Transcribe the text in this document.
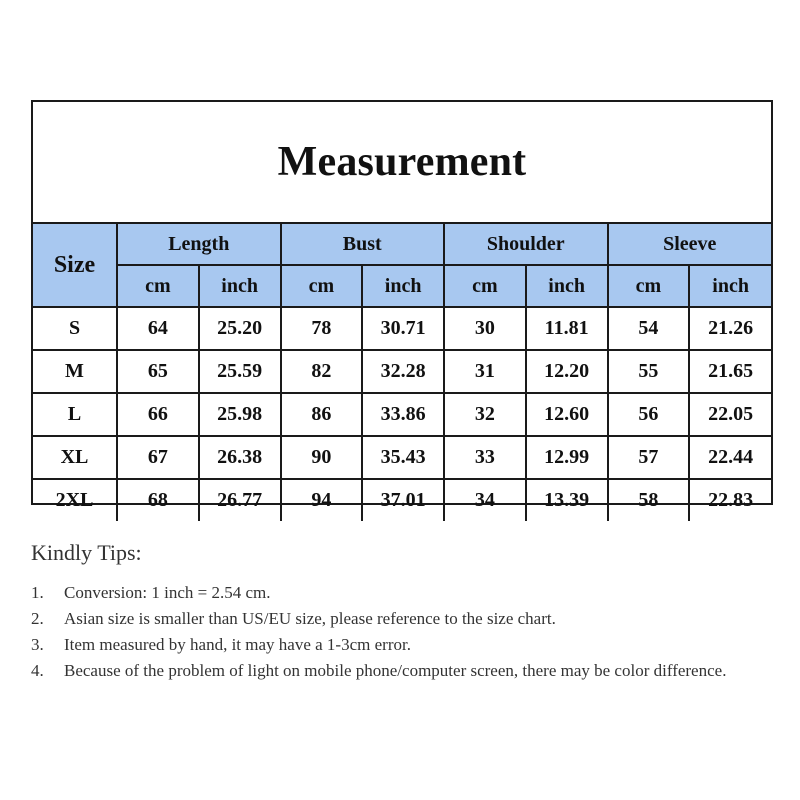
Measurement
Size	Length		Bust		Shoulder		Sleeve	
	cm	inch	cm	inch	cm	inch	cm	inch
S	64	25.20	78	30.71	30	11.81	54	21.26
M	65	25.59	82	32.28	31	12.20	55	21.65
L	66	25.98	86	33.86	32	12.60	56	22.05
XL	67	26.38	90	35.43	33	12.99	57	22.44
2XL	68	26.77	94	37.01	34	13.39	58	22.83
Kindly Tips:
1.	Conversion: 1 inch = 2.54 cm.
2.	Asian size is smaller than US/EU size, please reference to the size chart.
3.	Item measured by hand, it may have a 1-3cm error.
4.	Because of the problem of light on mobile phone/computer screen, there may be color difference.
